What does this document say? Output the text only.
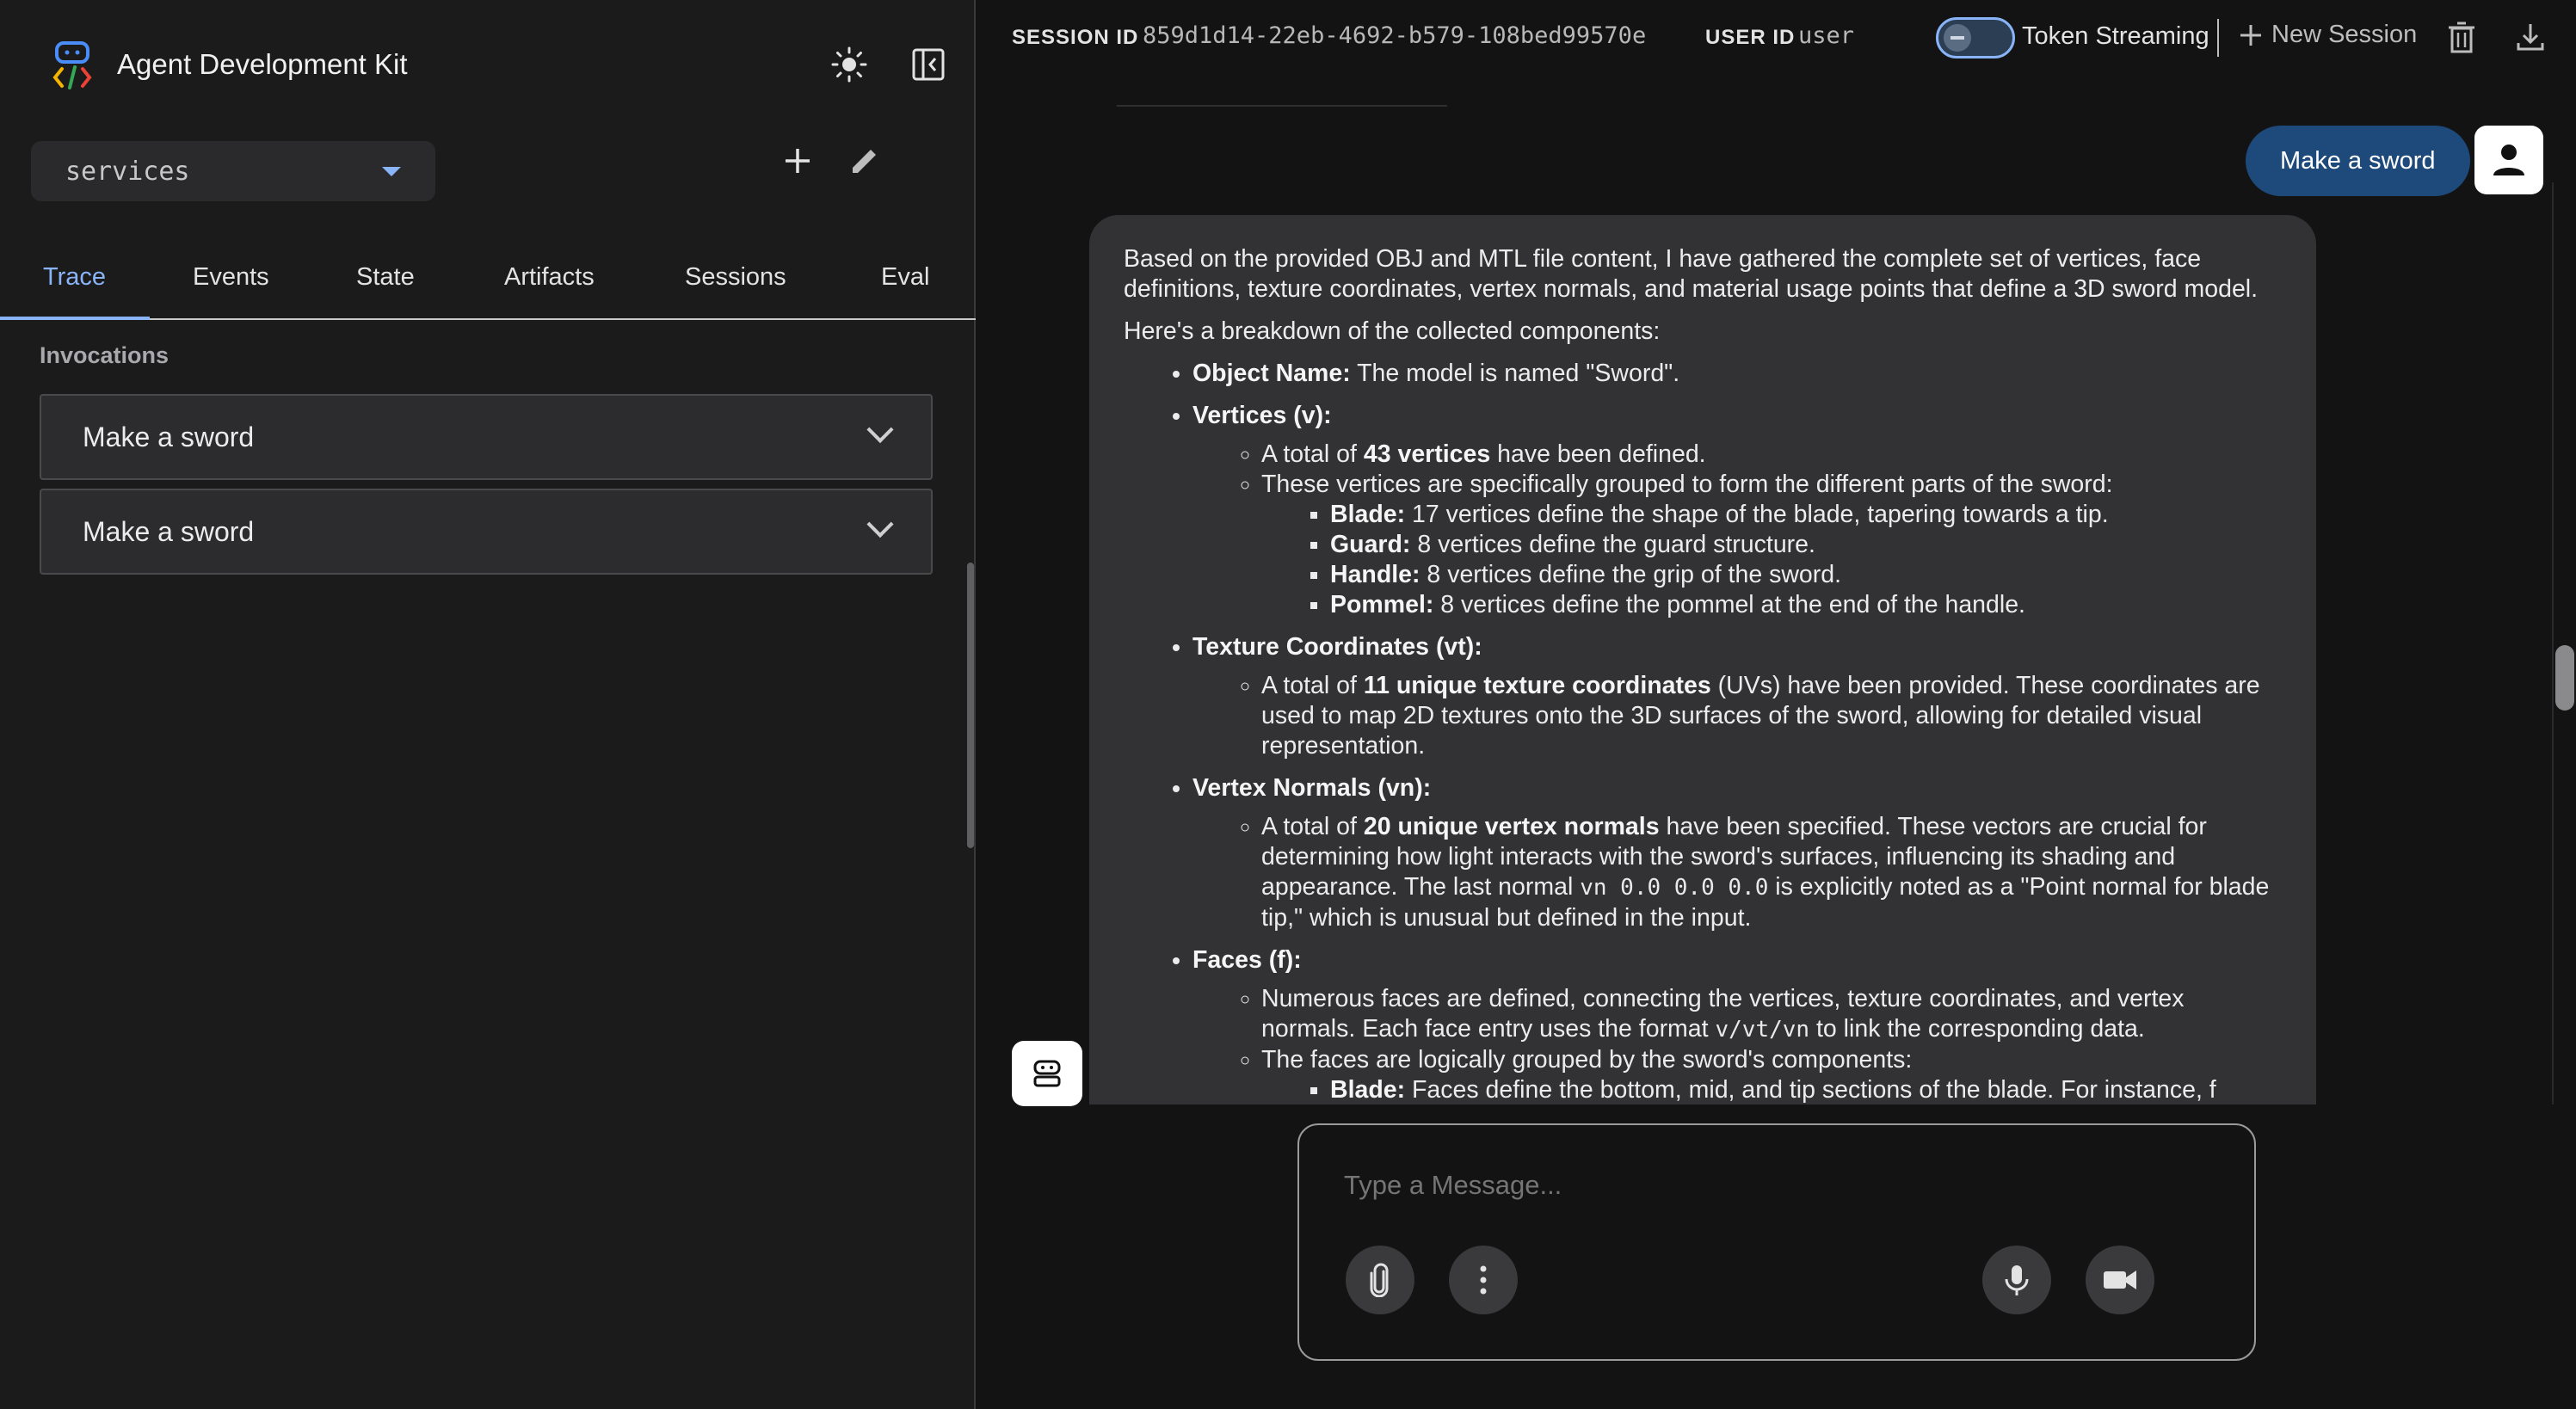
Agent Development Kit
services
Trace	Events	State	Artifacts	Sessions	Eval
Invocations
Make a sword
Make a sword
SESSION ID 859d1d14-22eb-4692-b579-108bed99570e	USER ID user	Token Streaming New Session
Make a sword

Based on the provided OBJ and MTL file content, I have gathered the complete set of vertices, face definitions, texture coordinates, vertex normals, and material usage points that define a 3D sword model.

Here's a breakdown of the collected components:

• Object Name: The model is named "Sword".
• Vertices (v):
◦ A total of 43 vertices have been defined.
◦ These vertices are specifically grouped to form the different parts of the sword:
▪ Blade: 17 vertices define the shape of the blade, tapering towards a tip.
▪ Guard: 8 vertices define the guard structure.
▪ Handle: 8 vertices define the grip of the sword.
▪ Pommel: 8 vertices define the pommel at the end of the handle.
• Texture Coordinates (vt):
◦ A total of 11 unique texture coordinates (UVs) have been provided. These coordinates are used to map 2D textures onto the 3D surfaces of the sword, allowing for detailed visual representation.
• Vertex Normals (vn):
◦ A total of 20 unique vertex normals have been specified. These vectors are crucial for determining how light interacts with the sword's surfaces, influencing its shading and appearance. The last normal vn 0.0 0.0 0.0 is explicitly noted as a "Point normal for blade tip," which is unusual but defined in the input.
• Faces (f):
◦ Numerous faces are defined, connecting the vertices, texture coordinates, and vertex normals. Each face entry uses the format v/vt/vn to link the corresponding data.
◦ The faces are logically grouped by the sword's components:
▪ Blade: Faces define the bottom, mid, and tip sections of the blade. For instance, f
Type a Message...
